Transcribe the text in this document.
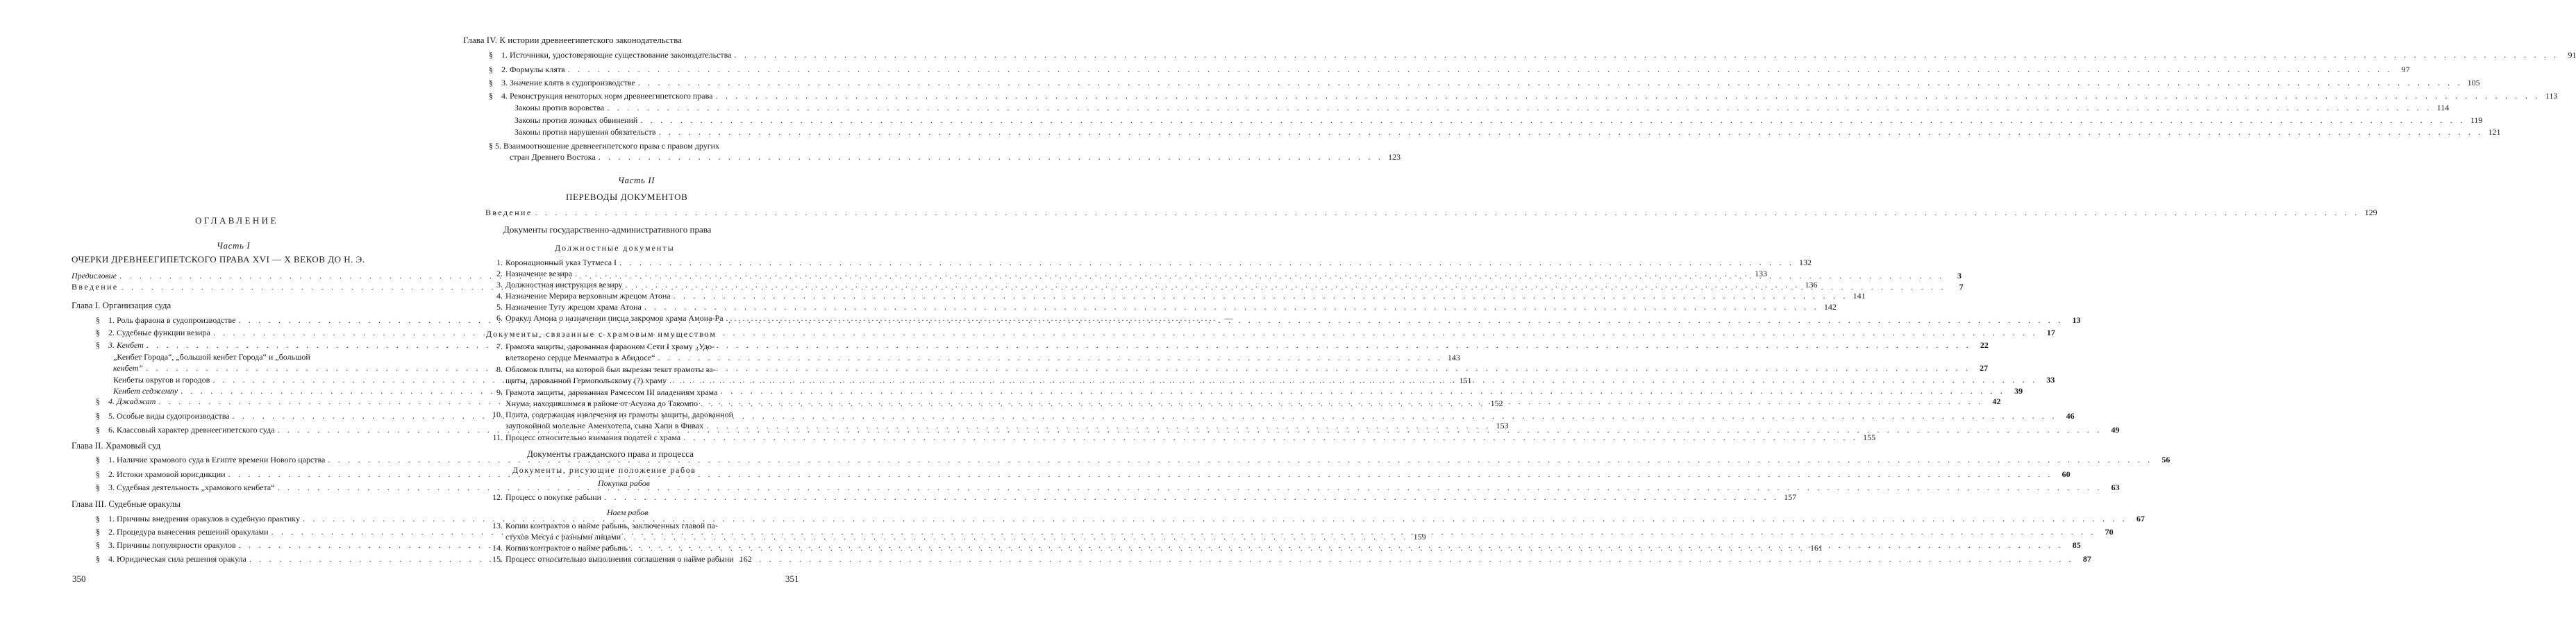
ОГЛАВЛЕНИЕ
Часть I
ОЧЕРКИ ДРЕВНЕЕГИПЕТСКОГО ПРАВА XVI — X ВЕКОВ ДО Н. Э.
Предисловие . . .	3
Введение . . .	7
Глава I. Организация суда
§	1. Роль фараона в судопроизводстве . . .	13
§	2. Судебные функции везира . . .	17
§	3. Кенбет . . .	22
„Кенбет Города“, „большой кенбет Города“ и „большой
кенбет“ . . .	27
Кенбеты округов и городов . . .	33
Кенбет седжемпу . . .	39
§	4. Джаджат . . .	42
§	5. Особые виды судопроизводства . . .	46
§	6. Классовый характер древнеегипетского суда . . .	49
Глава II. Храмовый суд
§	1. Наличие храмового суда в Египте времени Нового царства . . .	56
§	2. Истоки храмовой юрисдикции . . .	60
§	3. Судебная деятельность „храмового кенбета“ . . .	63
Глава III. Судебные оракулы
§	1. Причины внедрения оракулов в судебную практику . . .	67
§	2. Процедура вынесения решений оракулами . . .	70
§	3. Причины популярности оракулов . . .	85
§	4. Юридическая сила решения оракула . . .	87
350
Глава IV. К истории древнеегипетского законодательства
§	1. Источники, удостоверяющие существование законодательства . . .	91
§	2. Формулы клятв . . .	97
§	3. Значение клятв в судопроизводстве . . .	105
§	4. Реконструкция некоторых норм древнеегипетского права . . .	113
Законы против воровства . . .	114
Законы против ложных обвинений . . .	119
Законы против нарушения обязательств . . .	121
§ 5. Взаимоотношение древнеегипетского права с правом других
стран Древнего Востока . . .	123
Часть II
ПЕРЕВОДЫ ДОКУМЕНТОВ
Введение . . .	129
Документы государственно-административного права
Должностные документы
1. Коронационный указ Тутмеса I . . .	132
2. Назначение везира . . .	133
3. Должностная инструкция везиру . . .	136
4. Назначение Мерира верховным жрецом Атона . . .	141
5. Назначение Туту жрецом храма Атона . . .	142
6. Оракул Амона о назначении писца закромов храма Амона-Ра . . .	—
Документы, связанные с храмовым имуществом
7. Грамота защиты, дарованная фараоном Сети I храму „Удо-
влетворено сердце Менмаатра в Абидосе“ . . .	143
8. Обломок плиты, на которой был вырезан текст грамоты за-
щиты, дарованной Гермопольскому (?) храму . . .	151
9. Грамота защиты, дарованная Рамсесом III владениям храма
Хнума, находившимся в районе от Асуана до Такомпо . . .	152
10. Плита, содержащая извлечения из грамоты защиты, дарованной
заупокойной молельне Аменхотепа, сына Хапи в Фивах . . .	153
11. Процесс относительно взимания податей с храма . . .	155
Документы гражданского права и процесса
Документы, рисующие положение рабов
Покупка рабов
12. Процесс о покупке рабыни . . .	157
Наем рабов
13. Копии контрактов о найме рабынь, заключенных главой па-
стухов Месуа с разными лицами . . .	159
14. Копии контрактов о найме рабынь . . .	161
15. Процесс относительно выполнения соглашения о найме рабыни 162
351
